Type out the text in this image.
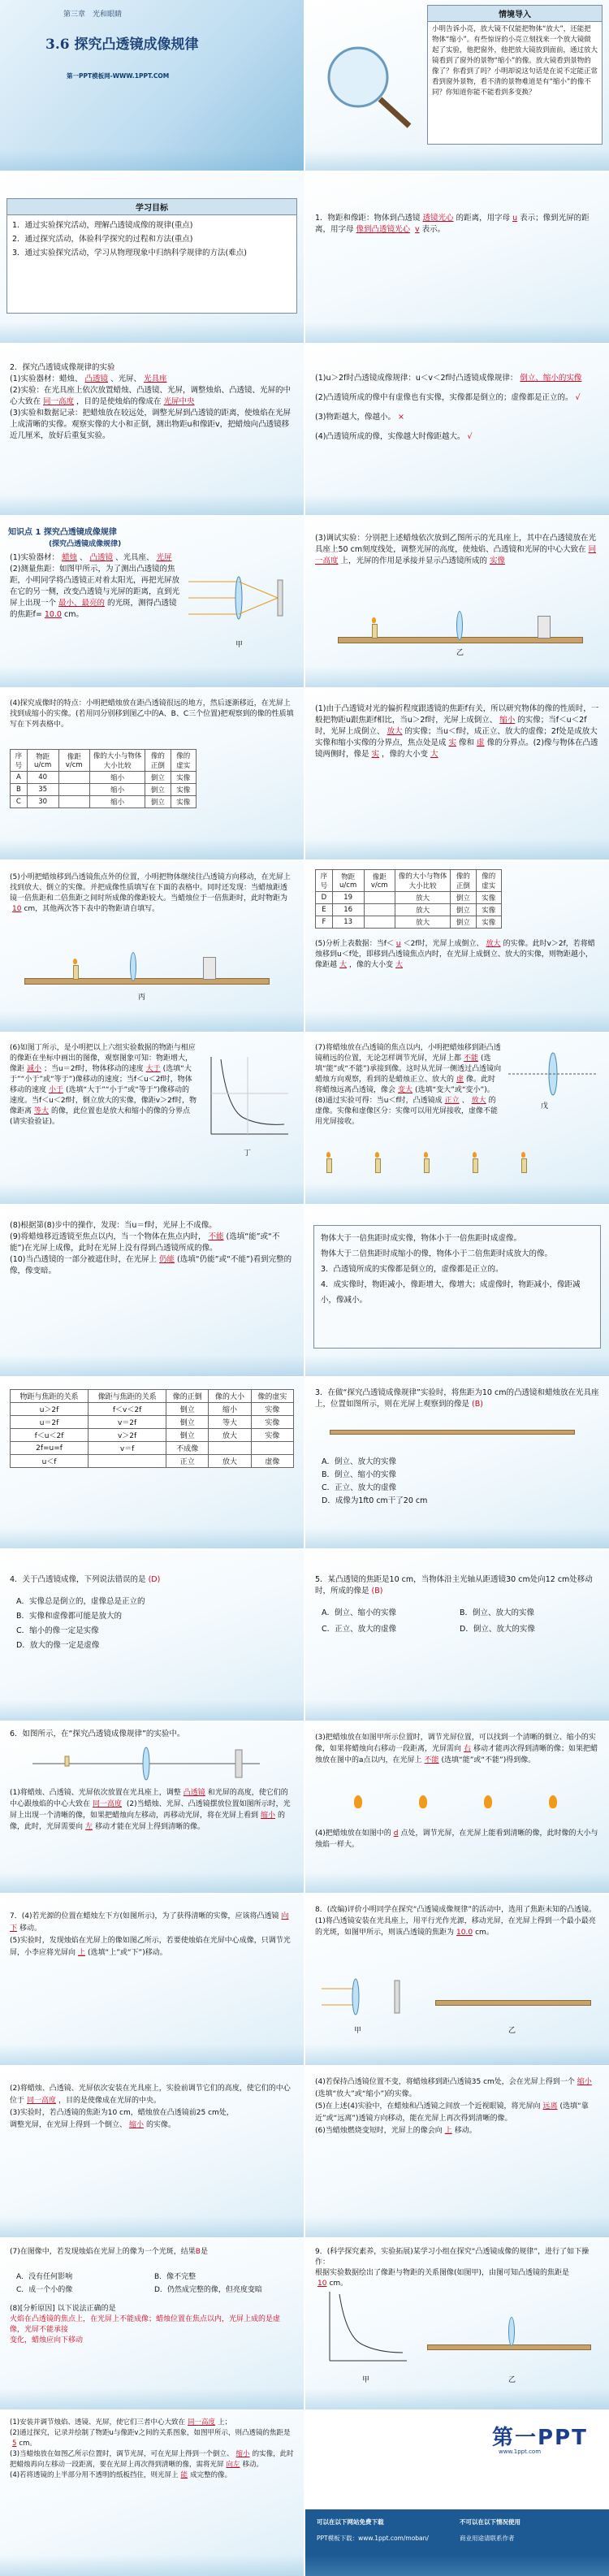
第三章　光和眼睛
3.6 探究凸透镜成像规律
第一PPT模板网-WWW.1PPT.COM
情境导入
小明告诉小亮，放大镜不仅能把物体“放大”，还能把物体“缩小”。有些惊讶的小亮立刻找来一个放大镜做起了实验，他把窗外，他把放大镜放到面前，通过放大镜看到了窗外的景物“缩小”的像。放大镜看到景物的像了？你看到了吗？小明却说这句话是在说不定能正常看到窗外景物，看不清的景物难道是有“缩小”的像不同？你知道你能不能看到多变换？
学习目标
1．通过实验探究活动，理解凸透镜成像的规律(重点)
2．通过探究活动，体验科学探究的过程和方法(重点)
3．通过实验探究活动，学习从物理现象中归纳科学规律的方法(难点)
1．物距和像距：物体到凸透镜 透镜光心 的距离，用字母 u 表示；像到光屏的距离，用字母 像到凸透镜光心 v 表示。
2．探究凸透镜成像规律的实验
(1)实验器材：蜡烛、 凸透镜 、光屏、 光具座
(2)实验：在光具座上依次放置蜡烛、凸透镜、光屏，调整烛焰、凸透镜、光屏的中心大致在 同一高度 ，目的是使烛焰的像成在 光屏中央
(3)实验和数据记录：把蜡烛放在较远处，调整光屏到凸透镜的距离，使烛焰在光屏上成清晰的实像。观察实像的大小和正倒，测出物距u和像距v，把蜡烛向凸透镜移近几厘米，放好后重复实验。
(1)u＞2f时凸透镜成像规律：u＜v＜2f时凸透镜成像规律： 倒立、缩小的实像
(2)凸透镜所成的像中有虚像也有实像，实像都是倒立的；虚像都是正立的。 √
(3)物距越大，像越小。 ×
(4)凸透镜所成的像，实像越大时像距越大。 √
知识点 1 探究凸透镜成像规律
(探究凸透镜成像规律)
(1)实验器材： 蜡烛 、 凸透镜 、光具座、 光屏
(2)测量焦距：如图甲所示，为了测出凸透镜的焦距，小明同学将凸透镜正对着太阳光，再把光屏放在它的另一侧，改变凸透镜与光屏的距离，直到光屏上出现一个 最小、最亮的 的光斑，测得凸透镜的焦距f= 10.0 cm。
甲
(3)调试实验：分别把上述蜡烛依次放到乙图所示的光具座上，其中在凸透镜放在光具座上50 cm刻度线处，调整光屏的高度，使烛焰、凸透镜和光屏的中心大致在 同一高度 上，光屏的作用是承接并显示凸透镜所成的 实像
乙
(4)探究成像时的特点：小明把蜡烛放在距凸透镜很远的地方，然后逐渐移近，在光屏上找到成缩小的实像。(若用同分别移到图乙中的A、B、C三个位置)把观察到的像的性质填写在下列表格中。
序号	物距u/cm	像距v/cm	像的大小与物体大小比较	像的正倒	像的虚实
A	40		缩小	倒立	实像
B	35		缩小	倒立	实像
C	30		缩小	倒立	实像
(1)由于凸透镜对光的偏折程度跟透镜的焦距f有关，所以研究物体的像的性质时，一般把物距u跟焦距f相比，当u＞2f时，光屏上成倒立、 缩小 的实像；当f＜u＜2f时，光屏上成倒立、 放大 的实像；当u＜f时，成正立、放大的虚像；2f处是成放大实像和缩小实像的分界点，焦点处是成 实 像和 虚 像的分界点。(2)像与物体在凸透镜两侧时，像是 实 ，像的大小变 大
(5)小明把蜡烛移到凸透镜焦点外的位置，小明把物体继续往凸透镜方向移动，在光屏上找到放大、倒立的实像。并把成像性质填写在下面的表格中。同时还发现：当蜡烛距透镜一倍焦距和二倍焦距之间时所成像的像距较大。当蜡烛位于一倍焦距时，此时物距为10 cm，其他两次答下表中的物距请自填写。
丙
序号	物距u/cm	像距v/cm	像的大小与物体大小比较	像的正倒	像的虚实
D	19		放大	倒立	实像
E	16		放大	倒立	实像
F	13		放大	倒立	实像
(5)分析上表数据：当f＜ u ＜2f时，光屏上成倒立、 放大 的实像。此时v＞2f，若将蜡烛移到u＜f处，即移到凸透镜焦点内时，在光屏上成倒立、放大的实像，则物距越小，像距越 大 ，像的大小变 大
(6)如图丁所示，是小明把以上六组实验数据的物距与相应的像距在坐标中画出的图像，观察图象可知：物距增大，像距 减小 ；当u＝2f时，物体移动的速度 大于 (选填“大于”“小于”或“等于”)像移动的速度；当f＜u＜2f时，物体移动的速度 小于 (选填“大于”“小于”或“等于”)像移动的速度。当f＜u＜2f时，倒立放大的实像，像距v＞2f时，物像距离 等大 的像，此位置也是放大和缩小的像的分界点(请实验验证)。
丁
(7)将蜡烛放在凸透镜的焦点以内，小明把蜡烛移到距凸透镜稍远的位置，无论怎样调节光屏，光屏上都 不能 (选填“能”或“不能”)承接到像。这时从光屏一侧透过凸透镜向蜡烛方向观察，看到的是蜡烛正立、放大的 虚 像。此时将蜡烛远离凸透镜，像会 变大 (选填“变大”或“变小”)。 (8)通过实验可得：当u＜f时，凸透镜成 正立 、 放大 的虚像。实像和虚像区分：实像可以用光屏接收，虚像不能用光屏接收。
戊
(8)根据第(8)步中的操作，发现：当u＝f时，光屏上不成像。
(9)将蜡烛移近透镜至焦点以内，当一个物体在焦点内时， 不能 (选填“能”或“不能”)在光屏上成像，此时在光屏上没有得到凸透镜所成的像。
(10)当凸透镜的一部分被遮住时，在光屏上 仍能 (选填“仍能”或“不能”)看到完整的像，像变暗。
物体大于一倍焦距时成实像，物体小于一倍焦距时成虚像。
物体大于二倍焦距时成缩小的像，物体小于二倍焦距时成放大的像。
3．凸透镜所成的实像都是倒立的，虚像都是正立的。
4．成实像时，物距减小，像距增大，像增大；成虚像时，物距减小，像距减小，像减小。
物距与焦距的关系	像距与焦距的关系	像的正倒	像的大小	像的虚实
u＞2f	f＜v＜2f	倒立	缩小	实像
u＝2f	v＝2f	倒立	等大	实像
f＜u＜2f	v＞2f	倒立	放大	实像
2f=u=f	v＝f	不成像		
u＜f		正立	放大	虚像
3．在做“探究凸透镜成像规律”实验时，将焦距为10 cm的凸透镜和蜡烛放在光具座上，位置如图所示，则在光屏上观察到的像是 (B)
A．倒立、放大的实像
B．倒立、缩小的实像
C．正立、放大的虚像
D．成像为1ft0 cm干了20 cm
4．关于凸透镜成像，下列说法错误的是 (D)
A．实像总是倒立的，虚像总是正立的
B．实像和虚像都可能是放大的
C．缩小的像一定是实像
D．放大的像一定是虚像
5．某凸透镜的焦距是10 cm，当物体沿主光轴从距透镜30 cm处向12 cm处移动时，所成的像是 (B)
A．倒立、缩小的实像	B．倒立、放大的实像
C．正立、放大的虚像	D．倒立、放大的实像
6．如图所示，在“探究凸透镜成像规律”的实验中。
(1)将蜡烛、凸透镜、光屏依次放置在光具座上，调整 凸透镜 和光屏的高度，使它们的中心跟烛焰的中心大致在 同一高度 (2)当蜡烛、光屏、凸透镜摆放位置如图所示时，光屏上出现一个清晰的像，如果把蜡烛向左移动，再移动光屏，将在光屏上看到 缩小 的像，此时，光屏需要向 左 移动才能在光屏上得到清晰的像。
(3)把蜡烛放在如图甲所示位置时，调节光屏位置，可以找到一个清晰的倒立、缩小的实像，如果将蜡烛向右移动一段距离，光屏需向 右 移动才能再次得到清晰的像；如果把蜡烛放在图中的a点以内，在光屏上 不能 (选填“能”或“不能”)得到像。
(4)把蜡烛放在如图中的 d 点处，调节光屏，在光屏上能看到清晰的像，此时像的大小与烛焰一样大。
7．(4)若光源的位置在蜡烛左下方(如图所示)，为了获得清晰的实像，应该将凸透镜 向下 移动。
(5)实验时，发现烛焰在光屏上的像如图乙所示，若要使烛焰在光屏中心成像，只调节光屏，小李应将光屏向 上 (选填“上”或“下”)移动。
8．(改编)评价小明同学在探究“凸透镜成像规律”的活动中，选用了焦距未知的凸透镜。
(1)将凸透镜安装在光具座上，用平行光作光源，移动光屏，在光屏上得到一个最小最亮的光斑，如图甲所示，则该凸透镜的焦距为 10.0 cm。
甲	乙
(2)将蜡烛、凸透镜、光屏依次安装在光具座上，实验前调节它们的高度，使它们的中心位于 同一高度 ，目的是使像成在光屏的中央。
(3)实验时，若凸透镜的焦距为10 cm，蜡烛放在凸透镜前25 cm处，
调整光屏，在光屏上得到一个倒立、 缩小 的实像。
(4)若保持凸透镜位置不变，将蜡烛移到距凸透镜35 cm处，会在光屏上得到一个 缩小(选填“放大”或“缩小”)的实像。
(5)在上述(4)实验中，在蜡烛和凸透镜之间放一个近视眼镜，将光屏向 远离 (选填“靠近”或“远离”)透镜方向移动，能在光屏上再次得到清晰的像。
(6)当蜡烛燃烧变短时，光屏上的像会向 上 移动。
(7)在图像中，若发现烛焰在光屏上的像为一个光斑，结果B是
A．没有任何影响	B．像不完整
C．成一个小的像	D．仍然成完整的像，但亮度变暗
(8)[分析原因] 以下说法正确的是
火焰在凸透镜的焦点上，在光屏上不能成像；蜡烛位置在焦点以内，光屏上成的是虚像，光屏不能承接
变化，蜡烛应向下移动
9．(科学探究素养，实验拓展)某学习小组在探究“凸透镜成像的规律”，进行了如下操作：
根据实验数据绘出了像距与物距的关系图像(如图甲)，由图可知凸透镜的焦距是10 cm。
甲	乙
(1)安装并调节烛焰、透镜、光屏，使它们三者中心大致在 同一高度 上；
(2)通过探究，记录并绘制了物距u与像距v之间的关系图象，如图甲所示，则凸透镜的焦距是5 cm。
(3)当蜡烛放在如图乙所示位置时，调节光屏，可在光屏上得到一个倒立、 缩小 的实像，此时把蜡烛再向左移动一段距离，要在光屏上再次得到清晰的像，需将光屏 向左 移动。
(4)若将透镜的上半部分用不透明的纸板挡住，则光屏上 能 成完整的像。
第一PPT
www.1ppt.com
可以在以下网站免费下载	不可以在以下情况使用
PPT模板下载：www.1ppt.com/moban/	商业用途请联系作者
